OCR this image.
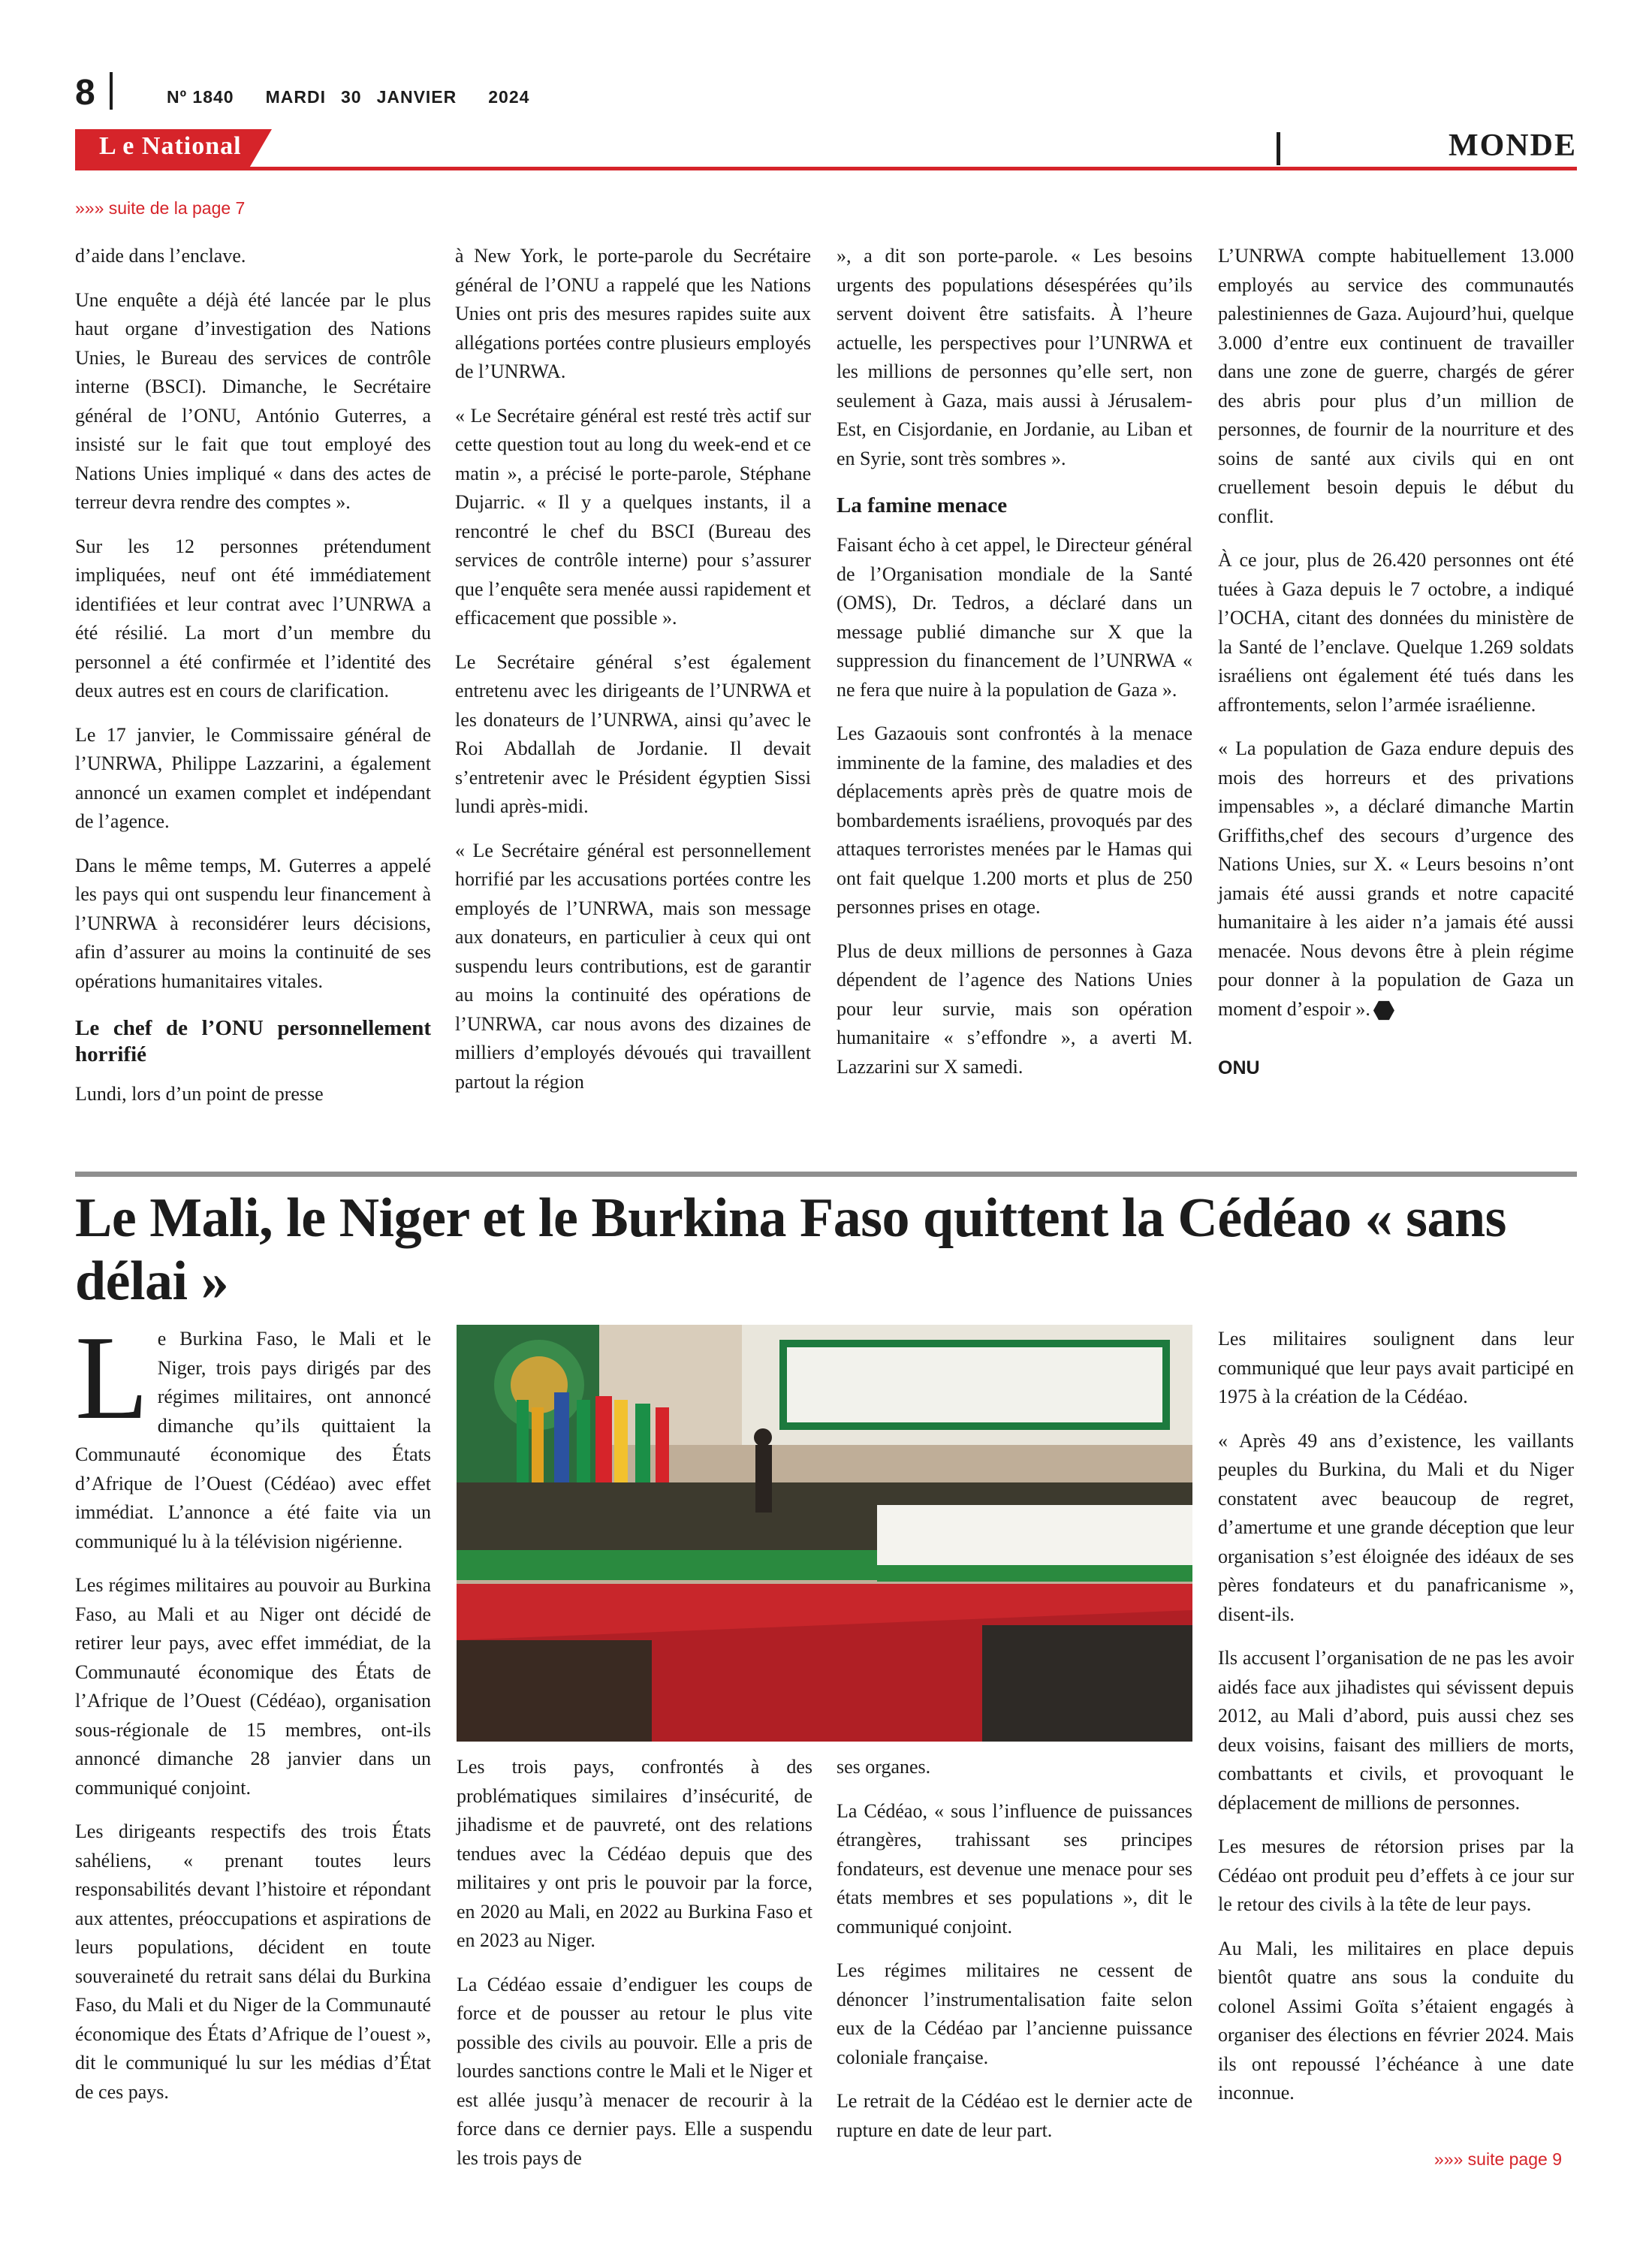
8	Nº 1840 MARDI 30 JANVIER 2024
L e National	MONDE
»»» suite de la page 7

d’aide dans l’enclave.

Une enquête a déjà été lancée par le plus haut organe d’investigation des Nations Unies, le Bureau des services de contrôle interne (BSCI). Dimanche, le Secrétaire général de l’ONU, António Guterres, a insisté sur le fait que tout employé des Nations Unies impliqué « dans des actes de terreur devra rendre des comptes ».

Sur les 12 personnes prétendument impliquées, neuf ont été immédiatement identifiées et leur contrat avec l’UNRWA a été résilié. La mort d’un membre du personnel a été confirmée et l’identité des deux autres est en cours de clarification.

Le 17 janvier, le Commissaire général de l’UNRWA, Philippe Lazzarini, a également annoncé un examen complet et indépendant de l’agence.

Dans le même temps, M. Guterres a appelé les pays qui ont suspendu leur financement à l’UNRWA à reconsidérer leurs décisions, afin d’assurer au moins la continuité de ses opérations humanitaires vitales.

Le chef de l’ONU personnellement horrifié

Lundi, lors d’un point de presse

à New York, le porte-parole du Secrétaire général de l’ONU a rappelé que les Nations Unies ont pris des mesures rapides suite aux allégations portées contre plusieurs employés de l’UNRWA.

« Le Secrétaire général est resté très actif sur cette question tout au long du week-end et ce matin », a précisé le porte-parole, Stéphane Dujarric. « Il y a quelques instants, il a rencontré le chef du BSCI (Bureau des services de contrôle interne) pour s’assurer que l’enquête sera menée aussi rapidement et efficacement que possible ».

Le Secrétaire général s’est également entretenu avec les dirigeants de l’UNRWA et les donateurs de l’UNRWA, ainsi qu’avec le Roi Abdallah de Jordanie. Il devait s’entretenir avec le Président égyptien Sissi lundi après-midi.

« Le Secrétaire général est personnellement horrifié par les accusations portées contre les employés de l’UNRWA, mais son message aux donateurs, en particulier à ceux qui ont suspendu leurs contributions, est de garantir au moins la continuité des opérations de l’UNRWA, car nous avons des dizaines de milliers d’employés dévoués qui travaillent partout la région

», a dit son porte-parole. « Les besoins urgents des populations désespérées qu’ils servent doivent être satisfaits. À l’heure actuelle, les perspectives pour l’UNRWA et les millions de personnes qu’elle sert, non seulement à Gaza, mais aussi à Jérusalem-Est, en Cisjordanie, en Jordanie, au Liban et en Syrie, sont très sombres ».

La famine menace

Faisant écho à cet appel, le Directeur général de l’Organisation mondiale de la Santé (OMS), Dr. Tedros, a déclaré dans un message publié dimanche sur X que la suppression du financement de l’UNRWA « ne fera que nuire à la population de Gaza ».

Les Gazaouis sont confrontés à la menace imminente de la famine, des maladies et des déplacements après près de quatre mois de bombardements israéliens, provoqués par des attaques terroristes menées par le Hamas qui ont fait quelque 1.200 morts et plus de 250 personnes prises en otage.

Plus de deux millions de personnes à Gaza dépendent de l’agence des Nations Unies pour leur survie, mais son opération humanitaire « s’effondre », a averti M. Lazzarini sur X samedi.

L’UNRWA compte habituellement 13.000 employés au service des communautés palestiniennes de Gaza. Aujourd’hui, quelque 3.000 d’entre eux continuent de travailler dans une zone de guerre, chargés de gérer des abris pour plus d’un million de personnes, de fournir de la nourriture et des soins de santé aux civils qui en ont cruellement besoin depuis le début du conflit.

À ce jour, plus de 26.420 personnes ont été tuées à Gaza depuis le 7 octobre, a indiqué l’OCHA, citant des données du ministère de la Santé de l’enclave. Quelque 1.269 soldats israéliens ont également été tués dans les affrontements, selon l’armée israélienne.

« La population de Gaza endure depuis des mois des horreurs et des privations impensables », a déclaré dimanche Martin Griffiths,chef des secours d’urgence des Nations Unies, sur X. « Leurs besoins n’ont jamais été aussi grands et notre capacité humanitaire à les aider n’a jamais été aussi menacée. Nous devons être à plein régime pour donner à la population de Gaza un moment d’espoir ».

ONU
Le Mali, le Niger et le Burkina Faso quittent la Cédéao « sans délai »

Le Burkina Faso, le Mali et le Niger, trois pays dirigés par des régimes militaires, ont annoncé dimanche qu’ils quittaient la Communauté économique des États d’Afrique de l’Ouest (Cédéao) avec effet immédiat. L’annonce a été faite via un communiqué lu à la télévision nigérienne.

Les régimes militaires au pouvoir au Burkina Faso, au Mali et au Niger ont décidé de retirer leur pays, avec effet immédiat, de la Communauté économique des États de l’Afrique de l’Ouest (Cédéao), organisation sous-régionale de 15 membres, ont-ils annoncé dimanche 28 janvier dans un communiqué conjoint.

Les dirigeants respectifs des trois États sahéliens, « prenant toutes leurs responsabilités devant l’histoire et répondant aux attentes, préoccupations et aspirations de leurs populations, décident en toute souveraineté du retrait sans délai du Burkina Faso, du Mali et du Niger de la Communauté économique des États d’Afrique de l’ouest », dit le communiqué lu sur les médias d’État de ces pays.

Les trois pays, confrontés à des problématiques similaires d’insécurité, de jihadisme et de pauvreté, ont des relations tendues avec la Cédéao depuis que des militaires y ont pris le pouvoir par la force, en 2020 au Mali, en 2022 au Burkina Faso et en 2023 au Niger.

La Cédéao essaie d’endiguer les coups de force et de pousser au retour le plus vite possible des civils au pouvoir. Elle a pris de lourdes sanctions contre le Mali et le Niger et est allée jusqu’à menacer de recourir à la force dans ce dernier pays. Elle a suspendu les trois pays de

ses organes.

La Cédéao, « sous l’influence de puissances étrangères, trahissant ses principes fondateurs, est devenue une menace pour ses états membres et ses populations », dit le communiqué conjoint.

Les régimes militaires ne cessent de dénoncer l’instrumentalisation faite selon eux de la Cédéao par l’ancienne puissance coloniale française.

Le retrait de la Cédéao est le dernier acte de rupture en date de leur part.

Les militaires soulignent dans leur communiqué que leur pays avait participé en 1975 à la création de la Cédéao.

« Après 49 ans d’existence, les vaillants peuples du Burkina, du Mali et du Niger constatent avec beaucoup de regret, d’amertume et une grande déception que leur organisation s’est éloignée des idéaux de ses pères fondateurs et du panafricanisme », disent-ils.

Ils accusent l’organisation de ne pas les avoir aidés face aux jihadistes qui sévissent depuis 2012, au Mali d’abord, puis aussi chez ses deux voisins, faisant des milliers de morts, combattants et civils, et provoquant le déplacement de millions de personnes.

Les mesures de rétorsion prises par la Cédéao ont produit peu d’effets à ce jour sur le retour des civils à la tête de leur pays.

Au Mali, les militaires en place depuis bientôt quatre ans sous la conduite du colonel Assimi Goïta s’étaient engagés à organiser des élections en février 2024. Mais ils ont repoussé l’échéance à une date inconnue.

»»» suite page 9
